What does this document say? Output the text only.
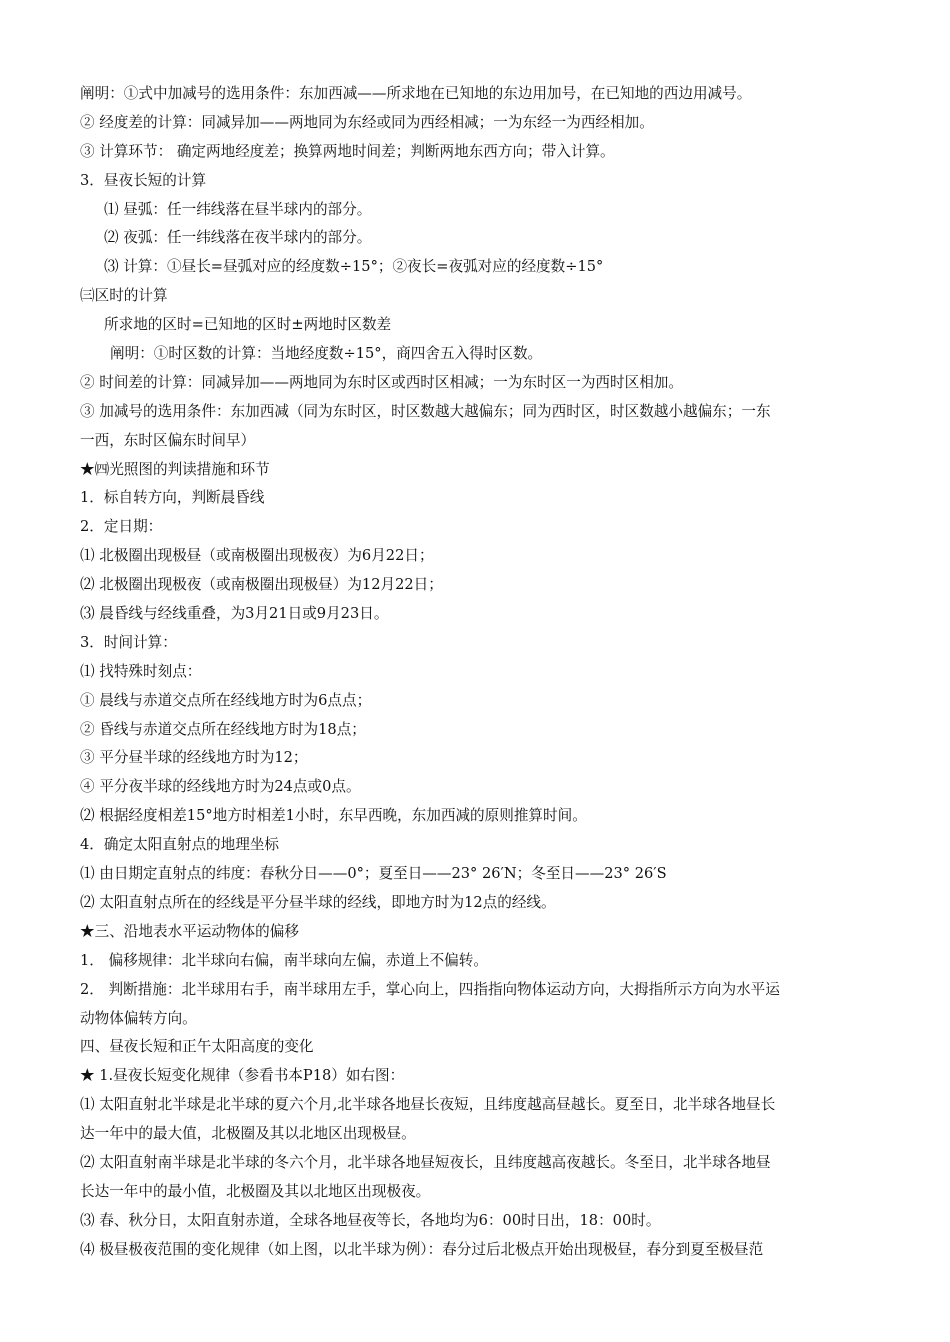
阐明：①式中加减号的选用条件：东加西减——所求地在已知地的东边用加号，在已知地的西边用减号。
② 经度差的计算：同减异加——两地同为东经或同为西经相减；一为东经一为西经相加。
③ 计算环节： 确定两地经度差；换算两地时间差；判断两地东西方向；带入计算。
3．昼夜长短的计算
⑴ 昼弧：任一纬线落在昼半球内的部分。
⑵ 夜弧：任一纬线落在夜半球内的部分。
⑶ 计算：①昼长=昼弧对应的经度数÷15°；②夜长=夜弧对应的经度数÷15°
㈢区时的计算
所求地的区时=已知地的区时±两地时区数差
阐明：①时区数的计算：当地经度数÷15°，商四舍五入得时区数。
② 时间差的计算：同减异加——两地同为东时区或西时区相减；一为东时区一为西时区相加。
③ 加减号的选用条件：东加西减（同为东时区，时区数越大越偏东；同为西时区，时区数越小越偏东；一东
一西，东时区偏东时间早）
★㈣光照图的判读措施和环节
1．标自转方向，判断晨昏线
2．定日期：
⑴ 北极圈出现极昼（或南极圈出现极夜）为6月22日；
⑵ 北极圈出现极夜（或南极圈出现极昼）为12月22日；
⑶ 晨昏线与经线重叠，为3月21日或9月23日。
3．时间计算：
⑴ 找特殊时刻点：
① 晨线与赤道交点所在经线地方时为6点点；
② 昏线与赤道交点所在经线地方时为18点；
③ 平分昼半球的经线地方时为12；
④ 平分夜半球的经线地方时为24点或0点。
⑵ 根据经度相差15°地方时相差1小时，东早西晚，东加西减的原则推算时间。
4．确定太阳直射点的地理坐标
⑴ 由日期定直射点的纬度：春秋分日——0°；夏至日——23° 26′N；冬至日——23° 26′S
⑵ 太阳直射点所在的经线是平分昼半球的经线，即地方时为12点的经线。
★三、沿地表水平运动物体的偏移
1． 偏移规律：北半球向右偏，南半球向左偏，赤道上不偏转。
2． 判断措施：北半球用右手，南半球用左手，掌心向上，四指指向物体运动方向，大拇指所示方向为水平运
动物体偏转方向。
四、昼夜长短和正午太阳高度的变化
★ 1.昼夜长短变化规律（参看书本P18）如右图：
⑴ 太阳直射北半球是北半球的夏六个月,北半球各地昼长夜短，且纬度越高昼越长。夏至日，北半球各地昼长
达一年中的最大值，北极圈及其以北地区出现极昼。
⑵ 太阳直射南半球是北半球的冬六个月，北半球各地昼短夜长，且纬度越高夜越长。冬至日，北半球各地昼
长达一年中的最小值，北极圈及其以北地区出现极夜。
⑶ 春、秋分日，太阳直射赤道，全球各地昼夜等长，各地均为6：00时日出，18：00时。
⑷ 极昼极夜范围的变化规律（如上图，以北半球为例）：春分过后北极点开始出现极昼，春分到夏至极昼范
